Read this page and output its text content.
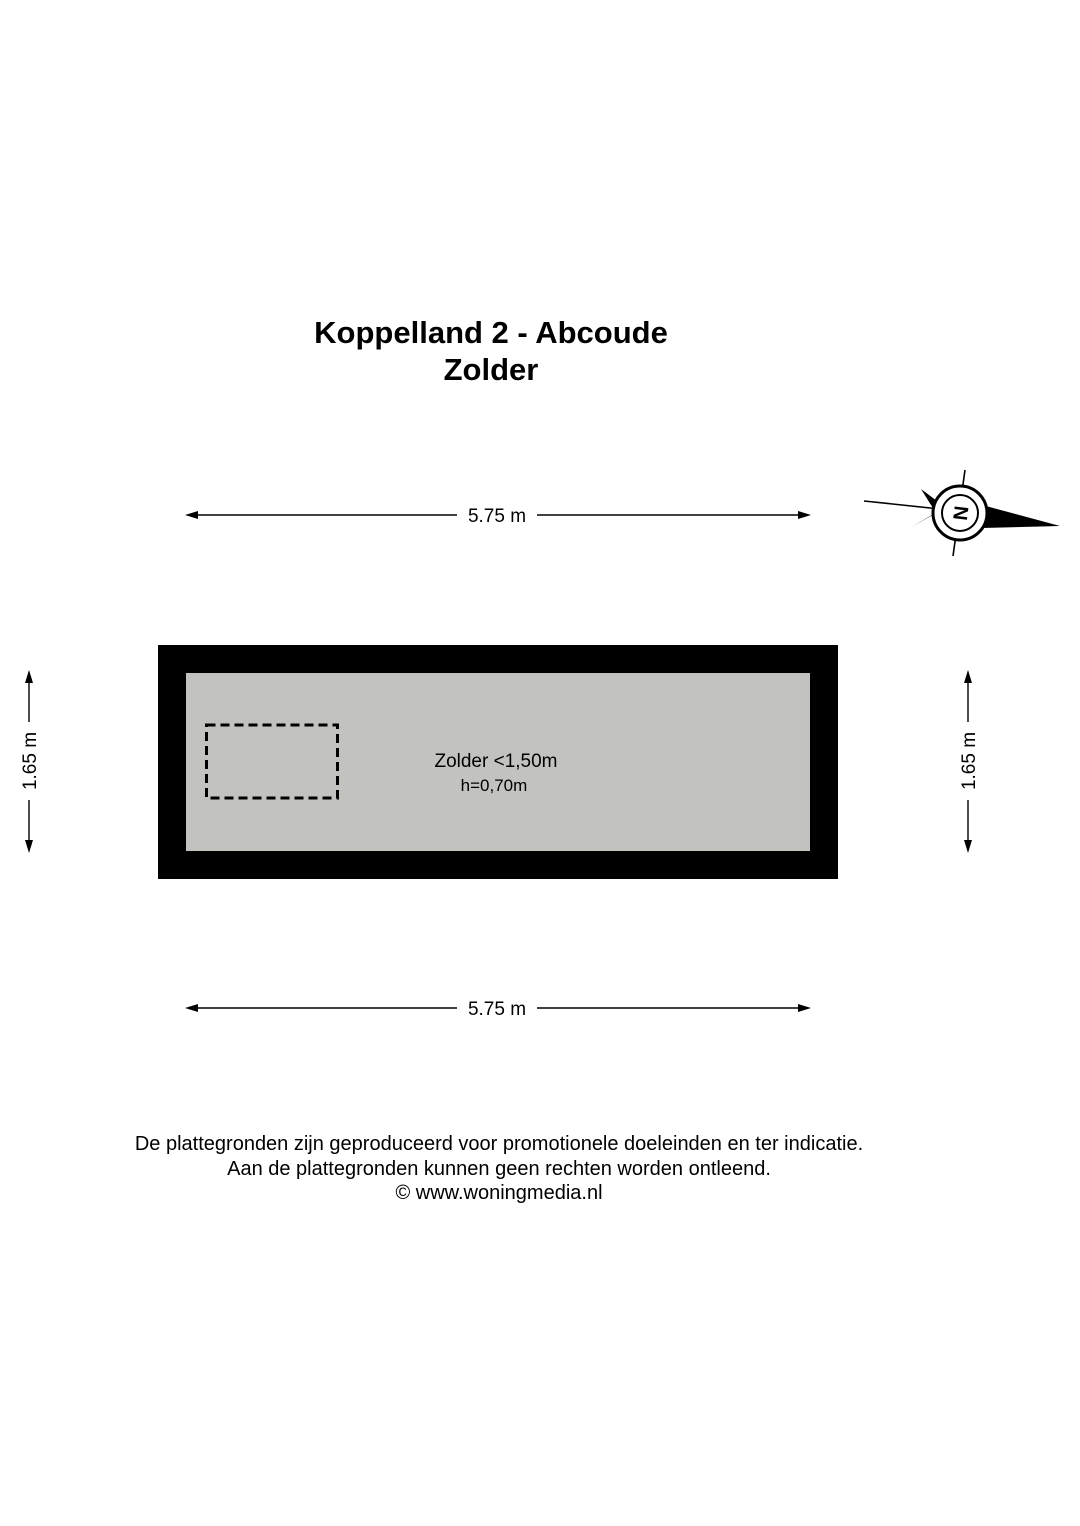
Koppelland 2 - Abcoude
Zolder
5.75 m
5.75 m
1.65 m	1.65 m
Zolder <1,50m
h=0,70m
N
De plattegronden zijn geproduceerd voor promotionele doeleinden en ter indicatie.
Aan de plattegronden kunnen geen rechten worden ontleend.
© www.woningmedia.nl
